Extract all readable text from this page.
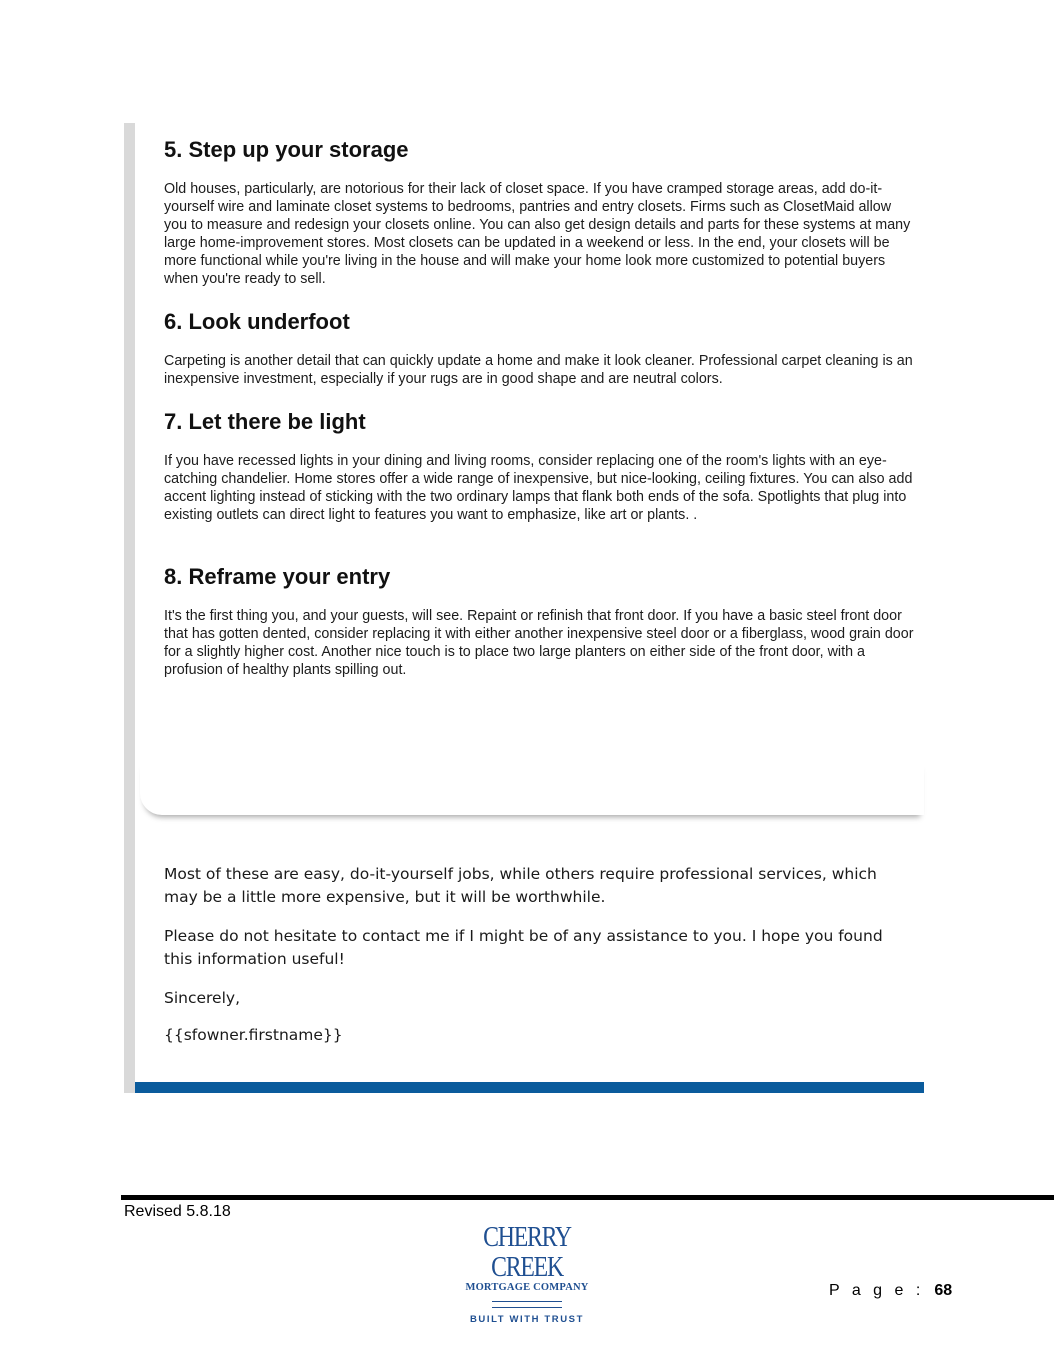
5. Step up your storage

Old houses, particularly, are notorious for their lack of closet space. If you have cramped storage areas, add do-it-yourself wire and laminate closet systems to bedrooms, pantries and entry closets. Firms such as ClosetMaid allow you to measure and redesign your closets online. You can also get design details and parts for these systems at many large home-improvement stores. Most closets can be updated in a weekend or less. In the end, your closets will be more functional while you're living in the house and will make your home look more customized to potential buyers when you're ready to sell.

6. Look underfoot

Carpeting is another detail that can quickly update a home and make it look cleaner. Professional carpet cleaning is an inexpensive investment, especially if your rugs are in good shape and are neutral colors.

7. Let there be light

If you have recessed lights in your dining and living rooms, consider replacing one of the room's lights with an eye-catching chandelier. Home stores offer a wide range of inexpensive, but nice-looking, ceiling fixtures. You can also add accent lighting instead of sticking with the two ordinary lamps that flank both ends of the sofa. Spotlights that plug into existing outlets can direct light to features you want to emphasize, like art or plants. .

8. Reframe your entry

It's the first thing you, and your guests, will see. Repaint or refinish that front door. If you have a basic steel front door that has gotten dented, consider replacing it with either another inexpensive steel door or a fiberglass, wood grain door for a slightly higher cost. Another nice touch is to place two large planters on either side of the front door, with a profusion of healthy plants spilling out.

Most of these are easy, do-it-yourself jobs, while others require professional services, which may be a little more expensive, but it will be worthwhile.

Please do not hesitate to contact me if I might be of any assistance to you. I hope you found this information useful!

Sincerely,

{{sfowner.firstname}}

Revised 5.8.18
CHERRY CREEK
MORTGAGE COMPANY
BUILT WITH TRUST
P a g e : 68
